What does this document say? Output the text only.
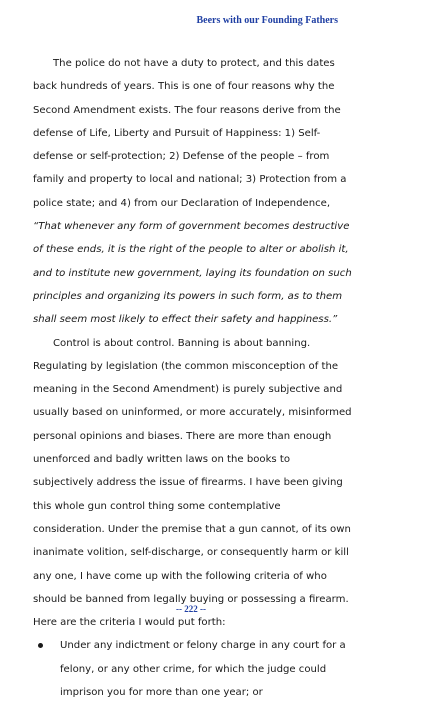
Beers with our Founding Fathers

The police do not have a duty to protect, and this dates back hundreds of years. This is one of four reasons why the Second Amendment exists. The four reasons derive from the defense of Life, Liberty and Pursuit of Happiness: 1) Self-defense or self-protection; 2) Defense of the people – from family and property to local and national; 3) Protection from a police state; and 4) from our Declaration of Independence, “That whenever any form of government becomes destructive of these ends, it is the right of the people to alter or abolish it, and to institute new government, laying its foundation on such principles and organizing its powers in such form, as to them shall seem most likely to effect their safety and happiness.”

Control is about control. Banning is about banning. Regulating by legislation (the common misconception of the meaning in the Second Amendment) is purely subjective and usually based on uninformed, or more accurately, misinformed personal opinions and biases. There are more than enough unenforced and badly written laws on the books to subjectively address the issue of firearms. I have been giving this whole gun control thing some contemplative consideration. Under the premise that a gun cannot, of its own inanimate volition, self-discharge, or consequently harm or kill any one, I have come up with the following criteria of who should be banned from legally buying or possessing a firearm. Here are the criteria I would put forth:

Under any indictment or felony charge in any court for a felony, or any other crime, for which the judge could imprison you for more than one year; or
-- 222 --
